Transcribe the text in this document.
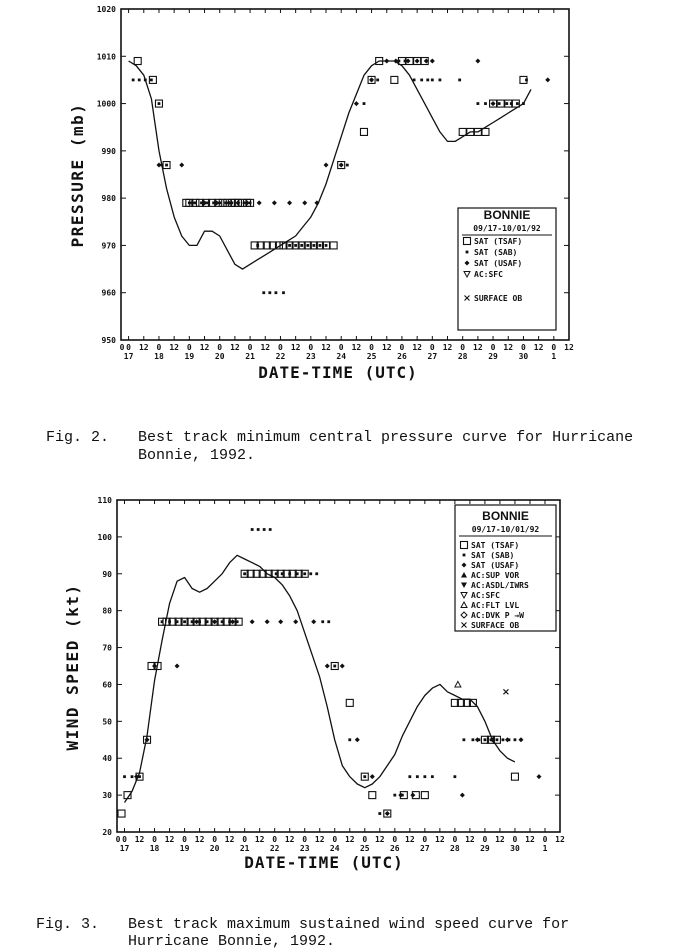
950
960
970
980
990
1000
1010
1020
0 12 0 12 0 12 0 12 0 12 0 12 0 12 0 12 0 12 0 12 0 12 0 12 0 12 0 12 0 12
0
17	18	19	20	21	22	23	24	25	26	27	28	29	30	1
DATE-TIME (UTC)
PRESSURE (mb)	BONNIE
09/17-10/01/92
SAT (TSAF)
SAT (SAB)
SAT (USAF)
AC:SFC
SURFACE OB
20
30
40
50
60
70
80
90
100
110
0 12 0 12 0 12 0 12 0 12 0 12 0 12 0 12 0 12 0 12 0 12 0 12 0 12 0 12 0 12
0
17	18	19	20	21	22	23	24	25	26	27	28	29	30	1
DATE-TIME (UTC)
WIND SPEED (kt)
BONNIE
09/17-10/01/92
SAT (TSAF)
SAT (SAB)
SAT (USAF)
AC:SUP VOR
AC:ASDL/IWRS
AC:SFC
AC:FLT LVL
AC:DVK P →W
SURFACE OB

Fig. 2.	Best track minimum central pressure curve for Hurricane

Bonnie, 1992.

Fig. 3.	Best track maximum sustained wind speed curve for

Hurricane Bonnie, 1992.
